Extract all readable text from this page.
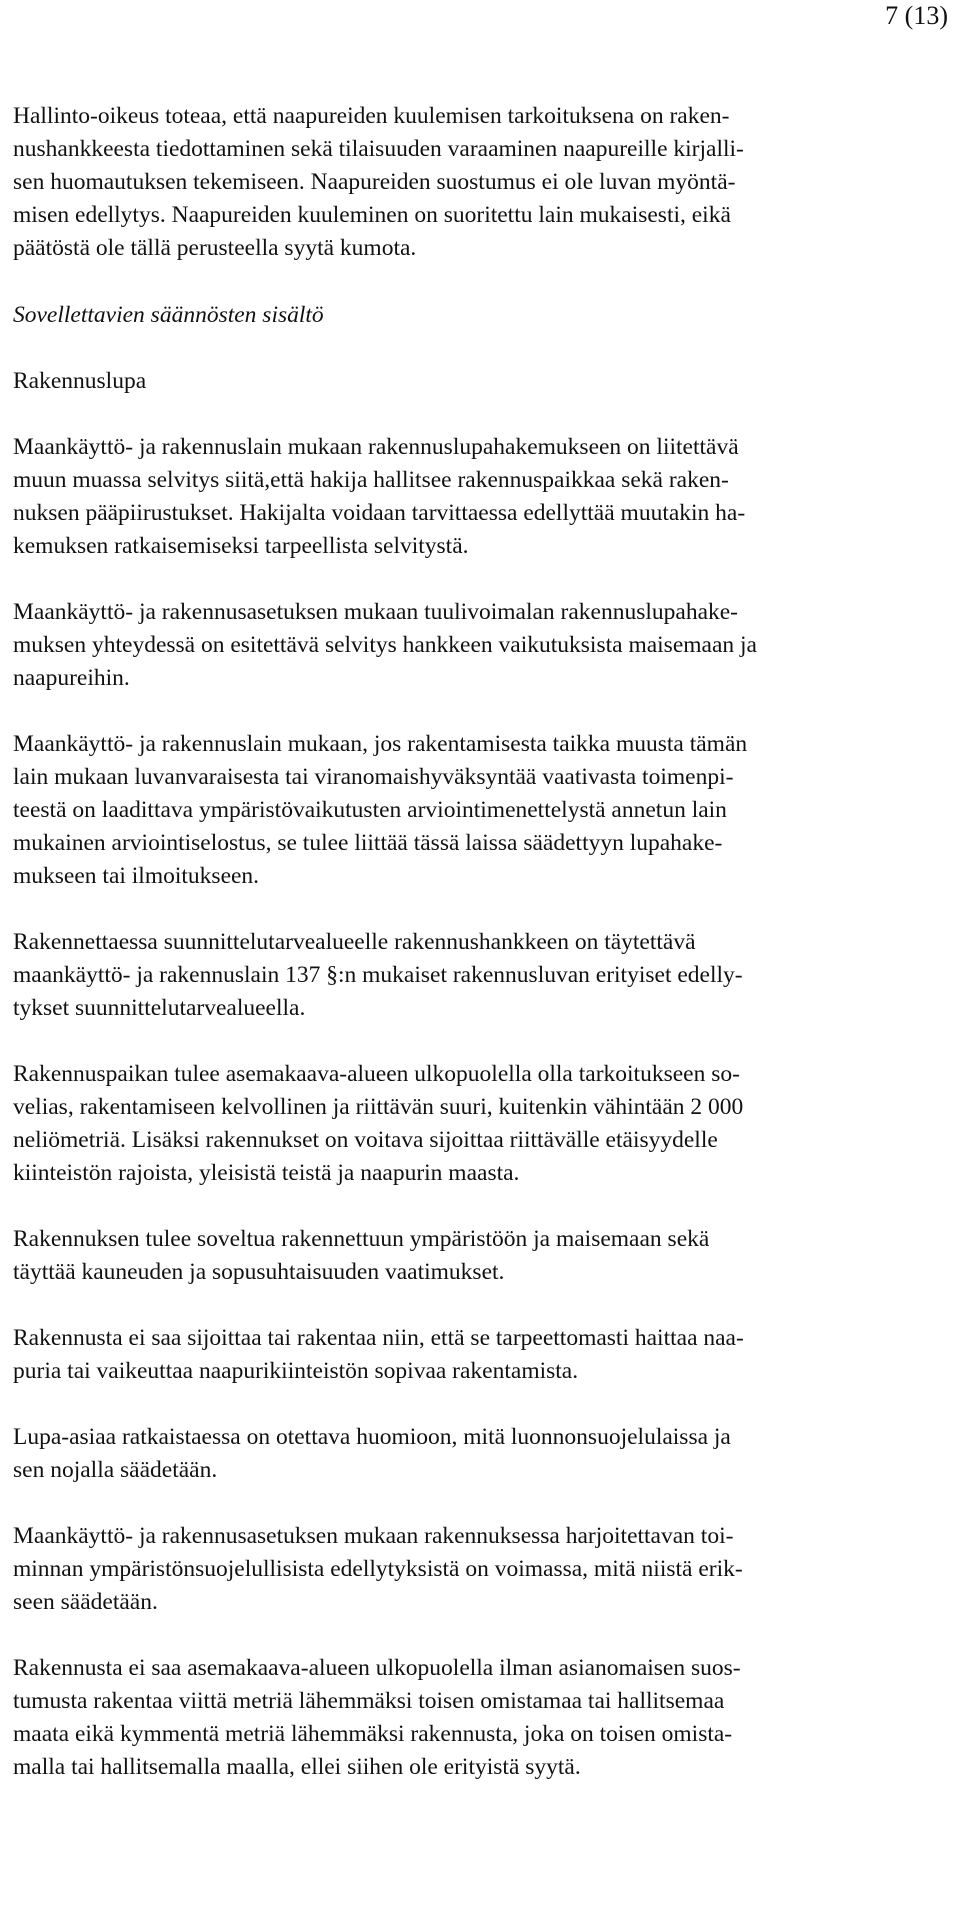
7 (13)
Hallinto-oikeus toteaa, että naapureiden kuulemisen tarkoituksena on raken-
nushankkeesta tiedottaminen sekä tilaisuuden varaaminen naapureille kirjalli-
sen huomautuksen tekemiseen. Naapureiden suostumus ei ole luvan myöntä-
misen edellytys. Naapureiden kuuleminen on suoritettu lain mukaisesti, eikä
päätöstä ole tällä perusteella syytä kumota.
Sovellettavien säännösten sisältö
Rakennuslupa
Maankäyttö- ja rakennuslain mukaan rakennuslupahakemukseen on liitettävä
muun muassa selvitys siitä,että hakija hallitsee rakennuspaikkaa sekä raken-
nuksen pääpiirustukset. Hakijalta voidaan tarvittaessa edellyttää muutakin ha-
kemuksen ratkaisemiseksi tarpeellista selvitystä.
Maankäyttö- ja rakennusasetuksen mukaan tuulivoimalan rakennuslupahake-
muksen yhteydessä on esitettävä selvitys hankkeen vaikutuksista maisemaan ja
naapureihin.
Maankäyttö- ja rakennuslain mukaan, jos rakentamisesta taikka muusta tämän
lain mukaan luvanvaraisesta tai viranomaishyväksyntää vaativasta toimenpi-
teestä on laadittava ympäristövaikutusten arviointimenettelystä annetun lain
mukainen arviointiselostus, se tulee liittää tässä laissa säädettyyn lupahake-
mukseen tai ilmoitukseen.
Rakennettaessa suunnittelutarvealueelle rakennushankkeen on täytettävä
maankäyttö- ja rakennuslain 137 §:n mukaiset rakennusluvan erityiset edelly-
tykset suunnittelutarvealueella.
Rakennuspaikan tulee asemakaava-alueen ulkopuolella olla tarkoitukseen so-
velias, rakentamiseen kelvollinen ja riittävän suuri, kuitenkin vähintään 2 000
neliömetriä. Lisäksi rakennukset on voitava sijoittaa riittävälle etäisyydelle
kiinteistön rajoista, yleisistä teistä ja naapurin maasta.
Rakennuksen tulee soveltua rakennettuun ympäristöön ja maisemaan sekä
täyttää kauneuden ja sopusuhtaisuuden vaatimukset.
Rakennusta ei saa sijoittaa tai rakentaa niin, että se tarpeettomasti haittaa naa-
puria tai vaikeuttaa naapurikiinteistön sopivaa rakentamista.
Lupa-asiaa ratkaistaessa on otettava huomioon, mitä luonnonsuojelulaissa ja
sen nojalla säädetään.
Maankäyttö- ja rakennusasetuksen mukaan rakennuksessa harjoitettavan toi-
minnan ympäristönsuojelullisista edellytyksistä on voimassa, mitä niistä erik-
seen säädetään.
Rakennusta ei saa asemakaava-alueen ulkopuolella ilman asianomaisen suos-
tumusta rakentaa viittä metriä lähemmäksi toisen omistamaa tai hallitsemaa
maata eikä kymmentä metriä lähemmäksi rakennusta, joka on toisen omista-
malla tai hallitsemalla maalla, ellei siihen ole erityistä syytä.
